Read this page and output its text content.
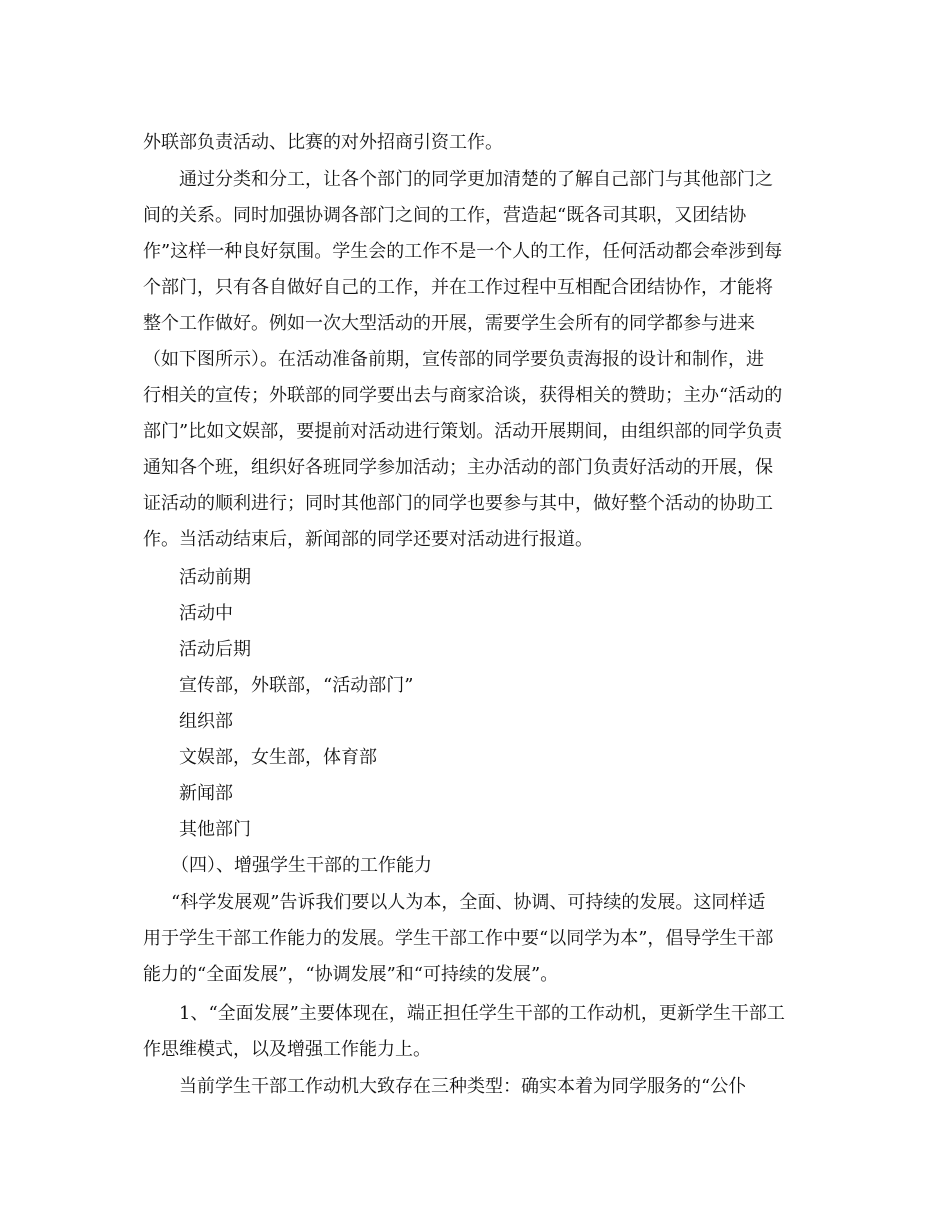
外联部负责活动、比赛的对外招商引资工作。
通过分类和分工，让各个部门的同学更加清楚的了解自己部门与其他部门之
间的关系。同时加强协调各部门之间的工作，营造起“既各司其职，又团结协
作”这样一种良好氛围。学生会的工作不是一个人的工作，任何活动都会牵涉到每
个部门，只有各自做好自己的工作，并在工作过程中互相配合团结协作，才能将
整个工作做好。例如一次大型活动的开展，需要学生会所有的同学都参与进来
（如下图所示）。在活动准备前期，宣传部的同学要负责海报的设计和制作，进
行相关的宣传；外联部的同学要出去与商家洽谈，获得相关的赞助；主办“活动的
部门”比如文娱部，要提前对活动进行策划。活动开展期间，由组织部的同学负责
通知各个班，组织好各班同学参加活动；主办活动的部门负责好活动的开展，保
证活动的顺利进行；同时其他部门的同学也要参与其中，做好整个活动的协助工
作。当活动结束后，新闻部的同学还要对活动进行报道。
活动前期
活动中
活动后期
宣传部，外联部，“活动部门”
组织部
文娱部，女生部，体育部
新闻部
其他部门
（四）、增强学生干部的工作能力
“科学发展观”告诉我们要以人为本，全面、协调、可持续的发展。这同样适
用于学生干部工作能力的发展。学生干部工作中要“以同学为本”，倡导学生干部
能力的“全面发展”，“协调发展”和“可持续的发展”。
1、“全面发展”主要体现在，端正担任学生干部的工作动机，更新学生干部工
作思维模式，以及增强工作能力上。
当前学生干部工作动机大致存在三种类型：确实本着为同学服务的“公仆
